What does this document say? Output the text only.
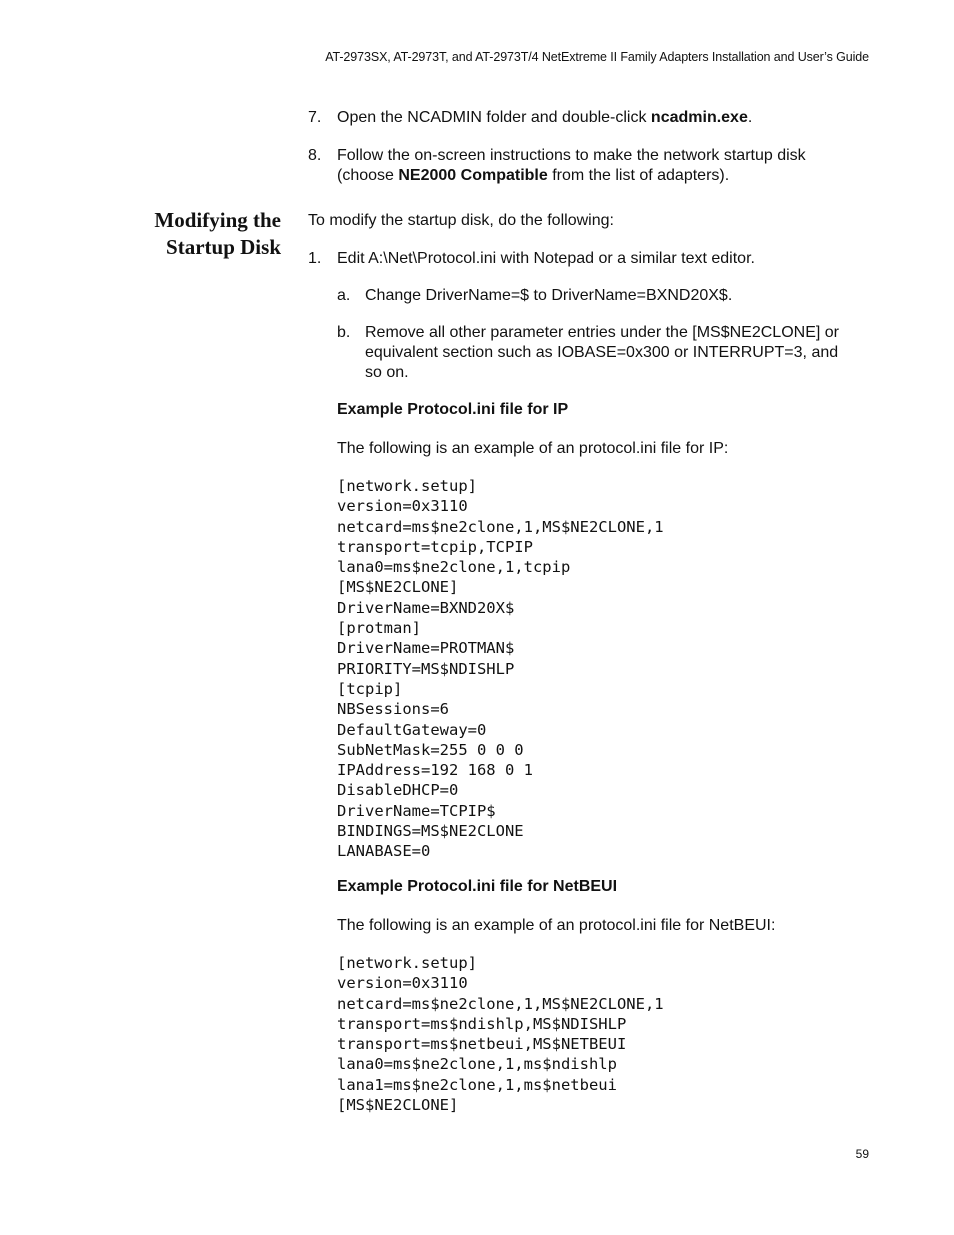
AT-2973SX, AT-2973T, and AT-2973T/4 NetExtreme II Family Adapters Installation and User’s Guide
7. Open the NCADMIN folder and double-click ncadmin.exe.
8. Follow the on-screen instructions to make the network startup disk
(choose NE2000 Compatible from the list of adapters).
Modifying the
Startup Disk
To modify the startup disk, do the following:
1. Edit A:\Net\Protocol.ini with Notepad or a similar text editor.
a. Change DriverName=$ to DriverName=BXND20X$.
b. Remove all other parameter entries under the [MS$NE2CLONE] or
equivalent section such as IOBASE=0x300 or INTERRUPT=3, and
so on.
Example Protocol.ini file for IP
The following is an example of an protocol.ini file for IP:
[network.setup]
version=0x3110
netcard=ms$ne2clone,1,MS$NE2CLONE,1
transport=tcpip,TCPIP
lana0=ms$ne2clone,1,tcpip
[MS$NE2CLONE]
DriverName=BXND20X$
[protman]
DriverName=PROTMAN$
PRIORITY=MS$NDISHLP
[tcpip]
NBSessions=6
DefaultGateway=0
SubNetMask=255 0 0 0
IPAddress=192 168 0 1
DisableDHCP=0
DriverName=TCPIP$
BINDINGS=MS$NE2CLONE
LANABASE=0
Example Protocol.ini file for NetBEUI
The following is an example of an protocol.ini file for NetBEUI:
[network.setup]
version=0x3110
netcard=ms$ne2clone,1,MS$NE2CLONE,1
transport=ms$ndishlp,MS$NDISHLP
transport=ms$netbeui,MS$NETBEUI
lana0=ms$ne2clone,1,ms$ndishlp
lana1=ms$ne2clone,1,ms$netbeui
[MS$NE2CLONE]
59
